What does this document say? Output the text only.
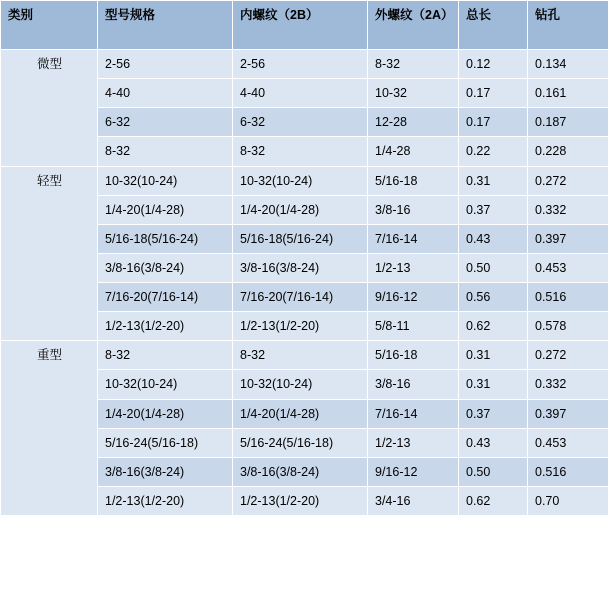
类别	型号规格	内螺纹（2B）	外螺纹（2A）	总长	钻孔
微型	2-56	2-56	8-32	0.12	0.134
	4-40	4-40	10-32	0.17	0.161
	6-32	6-32	12-28	0.17	0.187
	8-32	8-32	1/4-28	0.22	0.228
轻型	10-32(10-24)	10-32(10-24)	5/16-18	0.31	0.272
	1/4-20(1/4-28)	1/4-20(1/4-28)	3/8-16	0.37	0.332
	5/16-18(5/16-24)	5/16-18(5/16-24)	7/16-14	0.43	0.397
	3/8-16(3/8-24)	3/8-16(3/8-24)	1/2-13	0.50	0.453
	7/16-20(7/16-14)	7/16-20(7/16-14)	9/16-12	0.56	0.516
	1/2-13(1/2-20)	1/2-13(1/2-20)	5/8-11	0.62	0.578
重型	8-32	8-32	5/16-18	0.31	0.272
	10-32(10-24)	10-32(10-24)	3/8-16	0.31	0.332
	1/4-20(1/4-28)	1/4-20(1/4-28)	7/16-14	0.37	0.397
	5/16-24(5/16-18)	5/16-24(5/16-18)	1/2-13	0.43	0.453
	3/8-16(3/8-24)	3/8-16(3/8-24)	9/16-12	0.50	0.516
	1/2-13(1/2-20)	1/2-13(1/2-20)	3/4-16	0.62	0.70
